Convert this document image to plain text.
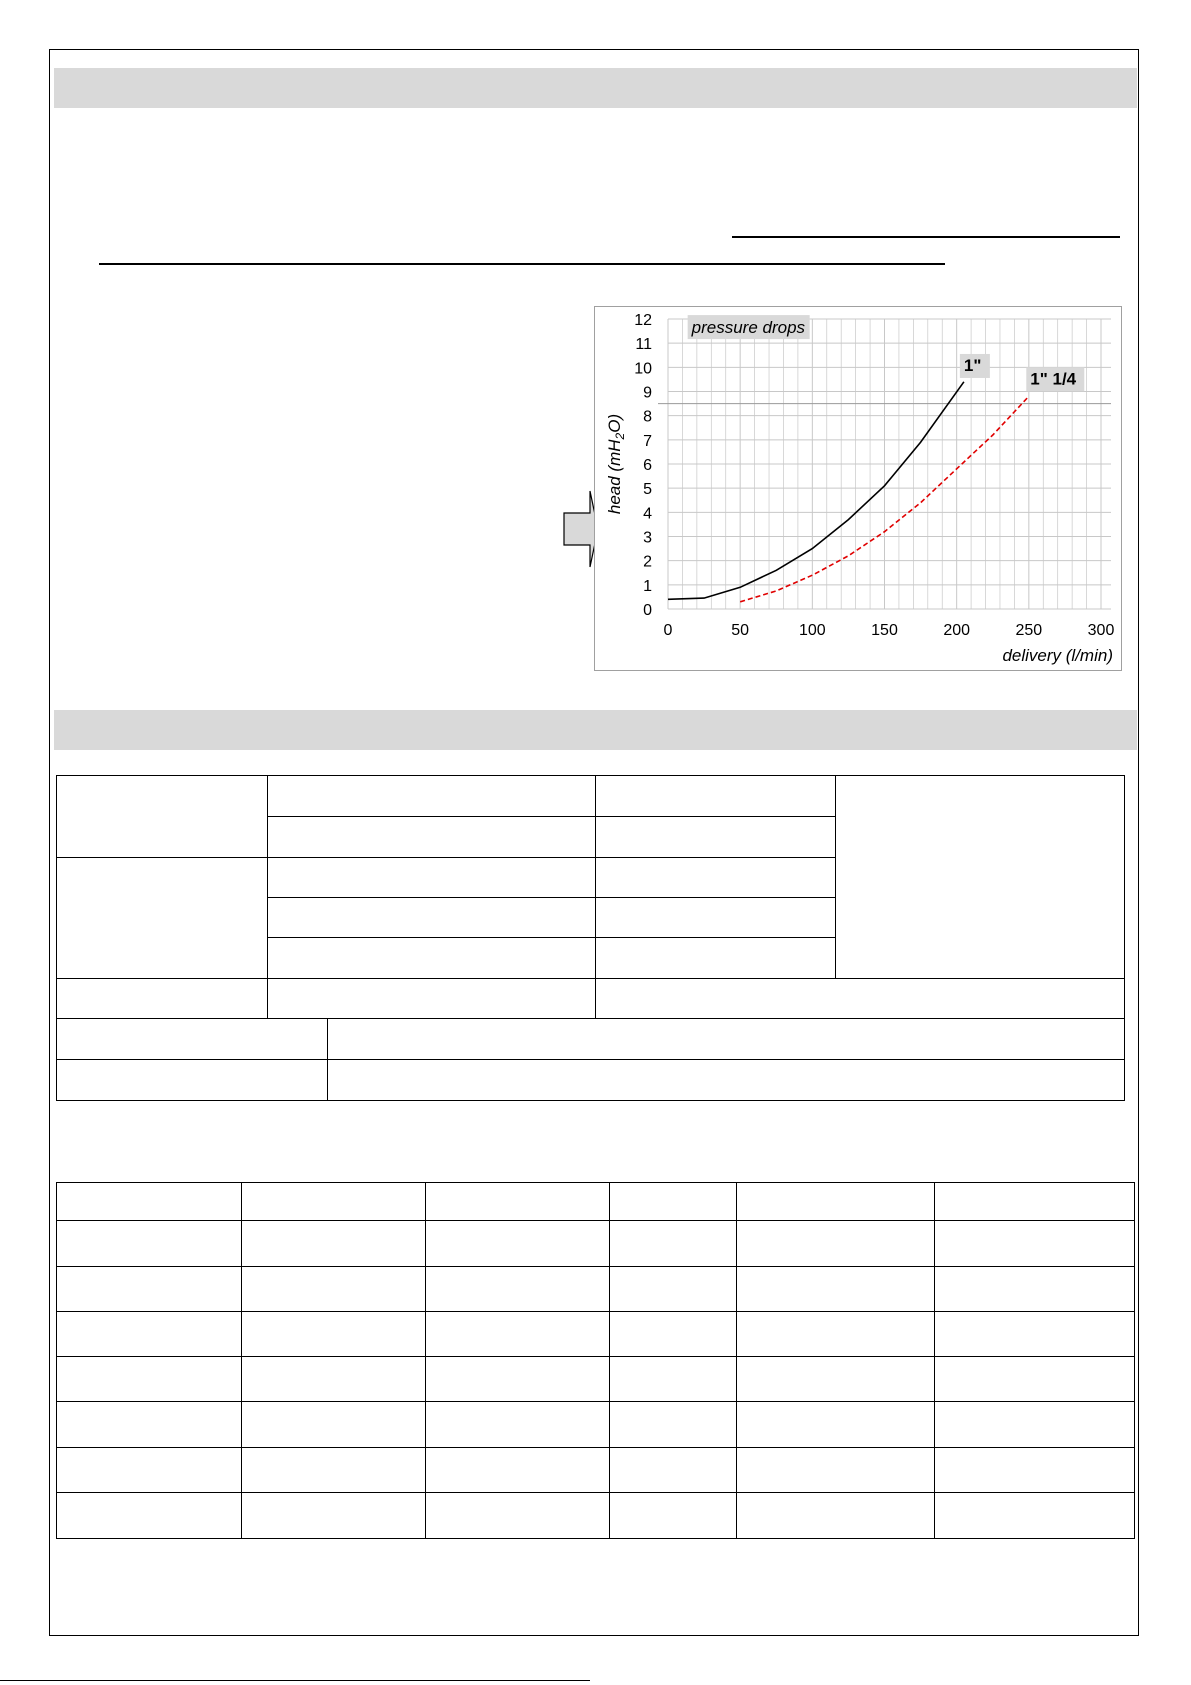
0	50	100	150	200	250	300
0
1
2
3
4
5
6
7
8
9
10
11
12
delivery (l/min)
head $(mH_2O)$
pressure drops
1"
1" 1/4
